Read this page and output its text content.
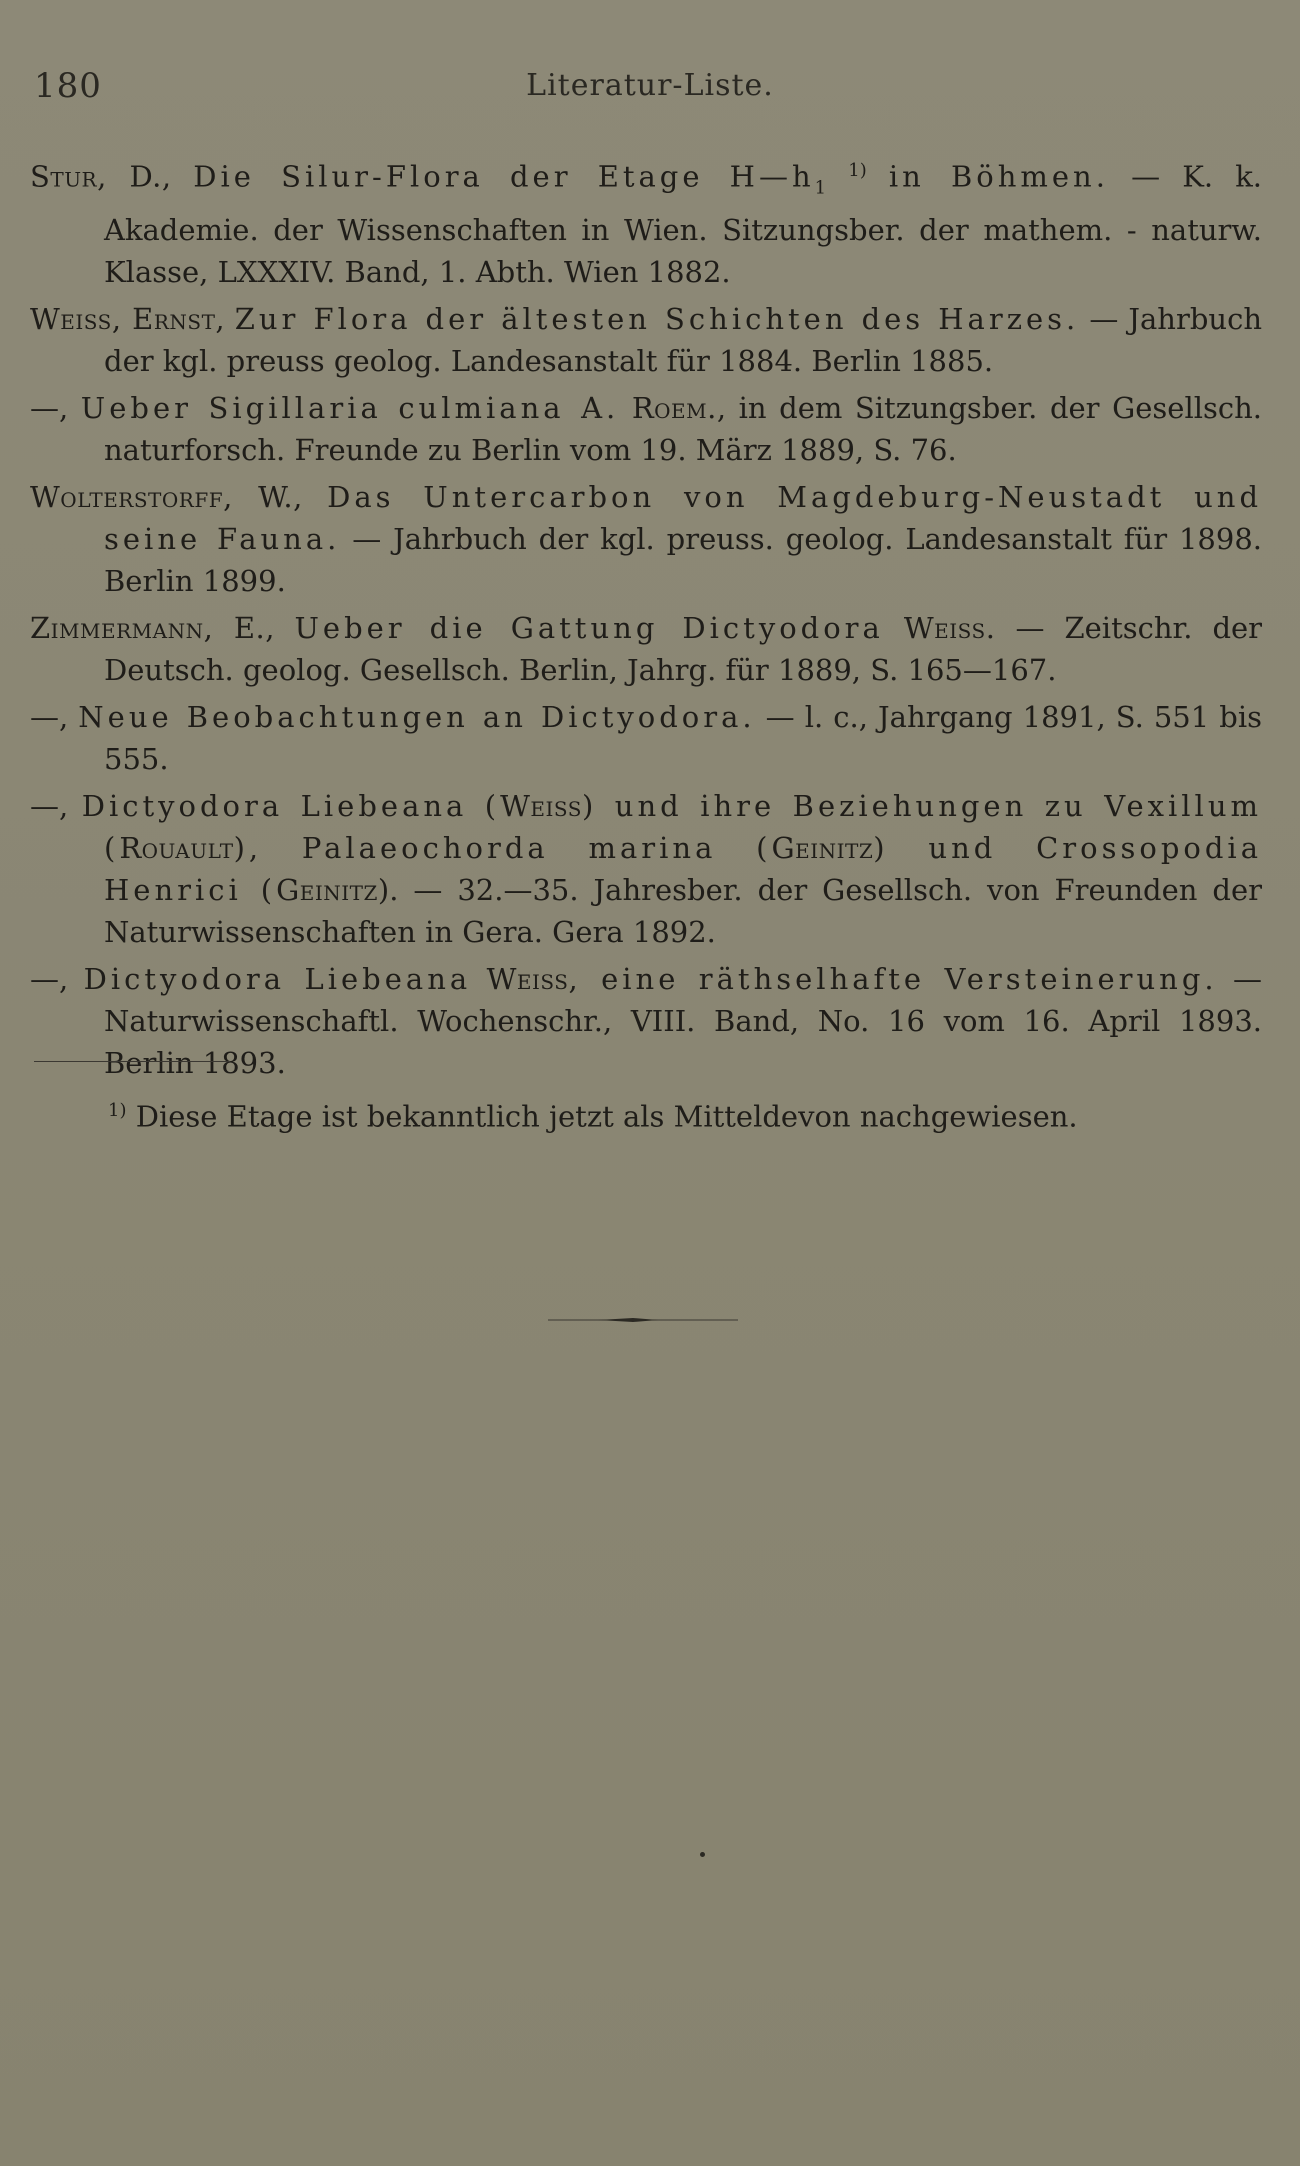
180	Literatur-Liste.

Stur, D., Die Silur-Flora der Etage $H—h_1$ $^{1)}$ in Böhmen. — K. k. Akademie. der Wissenschaften in Wien. Sitzungsber. der mathem. - naturw. Klasse, LXXXIV. Band, 1. Abth. Wien 1882.

Weiss, Ernst, Zur Flora der ältesten Schichten des Harzes. — Jahrbuch der kgl. preuss geolog. Landesanstalt für 1884. Berlin 1885.

—, Ueber Sigillaria culmiana A. Roem., in dem Sitzungsber. der Gesellsch. naturforsch. Freunde zu Berlin vom 19. März 1889, S. 76.

Wolterstorff, W., Das Untercarbon von Magdeburg-Neustadt und seine Fauna. — Jahrbuch der kgl. preuss. geolog. Landesanstalt für 1898. Berlin 1899.

Zimmermann, E., Ueber die Gattung Dictyodora Weiss. — Zeitschr. der Deutsch. geolog. Gesellsch. Berlin, Jahrg. für 1889, S. 165—167.

—, Neue Beobachtungen an Dictyodora. — l. c., Jahrgang 1891, S. 551 bis 555.

—, Dictyodora Liebeana (Weiss) und ihre Beziehungen zu Vexillum (Rouault), Palaeochorda marina (Geinitz) und Crossopodia Henrici (Geinitz). — 32.—35. Jahresber. der Gesellsch. von Freunden der Naturwissenschaften in Gera. Gera 1892.

—, Dictyodora Liebeana Weiss, eine räthselhafte Versteinerung. — Naturwissenschaftl. Wochenschr., VIII. Band, No. 16 vom 16. April 1893. Berlin 1893.

$^{1)}$ Diese Etage ist bekanntlich jetzt als Mitteldevon nachgewiesen.
